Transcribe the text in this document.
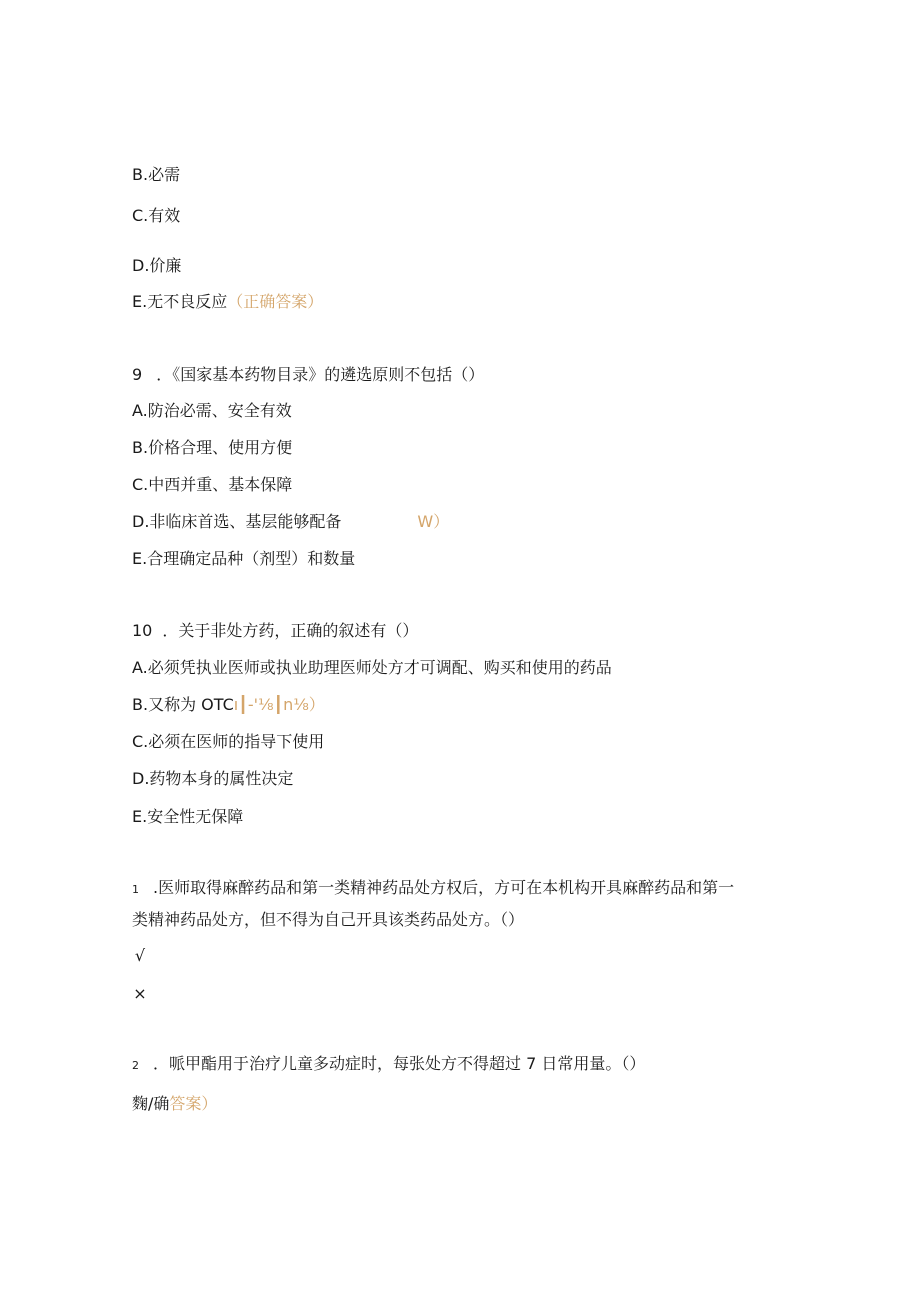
B.必需
C.有效
D.价廉
E.无不良反应（正确答案）
9 ．《国家基本药物目录》的遴选原则不包括（）
A.防治必需、安全有效
B.价格合理、使用方便
C.中西并重、基本保障
D.非临床首选、基层能够配备	W）
E.合理确定品种（剂型）和数量
10 ．关于非处方药，正确的叙述有（）
A.必须凭执业医师或执业助理医师处方才可调配、购买和使用的药品
B.又称为 OTCı┃-'⅛┃n⅛）
C.必须在医师的指导下使用
D.药物本身的属性决定
E.安全性无保障
1 .医师取得麻醉药品和第一类精神药品处方权后，方可在本机构开具麻醉药品和第一
类精神药品处方，但不得为自己开具该类药品处方。（）
√
×
2 ．哌甲酯用于治疗儿童多动症时，每张处方不得超过 7 日常用量。（）
麴/确答案）
